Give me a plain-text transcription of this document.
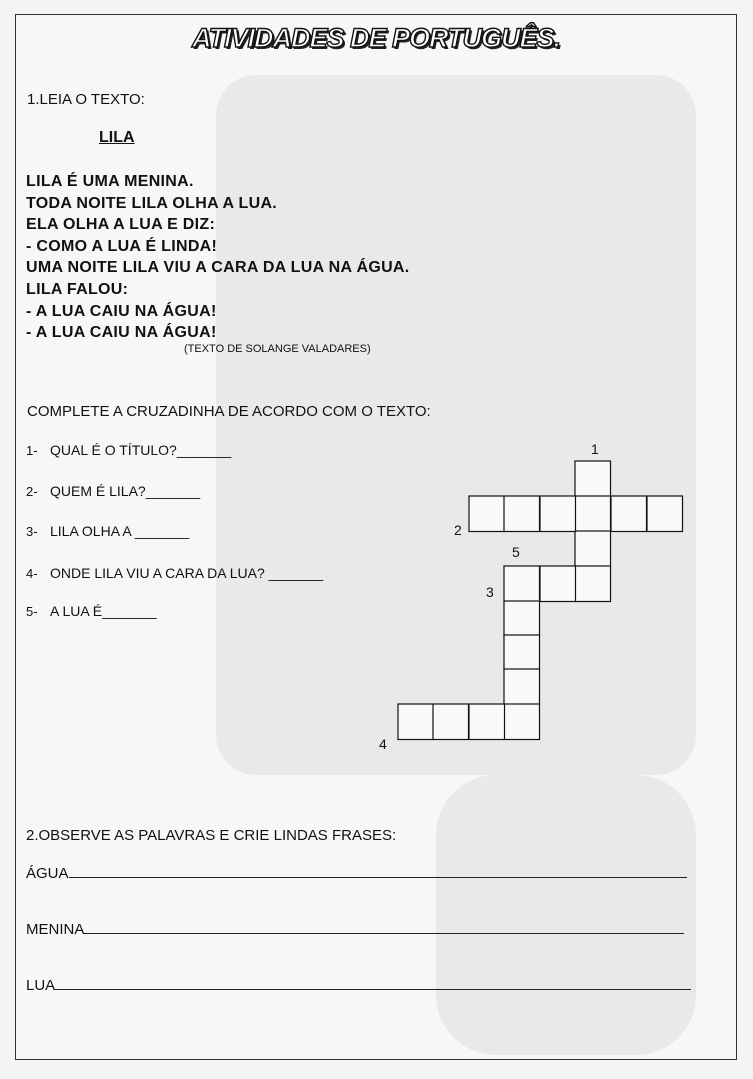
ATIVIDADES DE PORTUGUÊS.
1.LEIA O TEXTO:
LILA
LILA É UMA MENINA.
TODA NOITE LILA OLHA A LUA.
ELA OLHA A LUA E DIZ:
- COMO A LUA É LINDA!
UMA NOITE LILA VIU A CARA DA LUA NA ÁGUA.
LILA FALOU:
- A LUA CAIU NA ÁGUA!
- A LUA CAIU NA ÁGUA!
(TEXTO DE SOLANGE VALADARES)
COMPLETE A CRUZADINHA DE ACORDO COM O TEXTO:
1- QUAL É O TÍTULO?_______
2- QUEM É LILA?_______
3- LILA OLHA A _______
4- ONDE LILA VIU A CARA DA LUA? _______
5- A LUA É_______
1
2
5
3
4
2.OBSERVE AS PALAVRAS E CRIE LINDAS FRASES:
ÁGUA
MENINA
LUA
